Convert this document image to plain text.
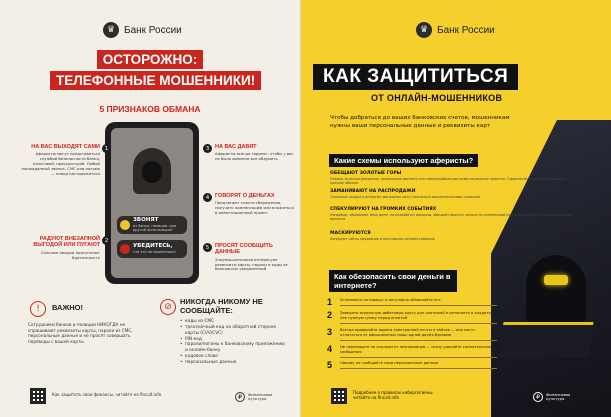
♛ Банк России
ОСТОРОЖНО:
ТЕЛЕФОННЫЕ МОШЕННИКИ!
5 ПРИЗНАКОВ ОБМАНА
ЗВОНЯТ
из банка, полиции, или другой организации?
УБЕДИТЕСЬ,
что это не мошенники!
1
НА ВАС ВЫХОДЯТ САМИ
Аферисты могут представиться службой безопасности банка, налоговой, прокуратурой. Любой неожиданный звонок, СМС или письмо — повод насторожиться
2
РАДУЮТ ВНЕЗАПНОЙ ВЫГОДОЙ ИЛИ ПУГАЮТ
Сильные эмоции притупляют бдительность
3	НА ВАС ДАВЯТ
Аферисты всегда торопят, чтобы у вас не было времени все обдумать
4	ГОВОРЯТ О ДЕНЬГАХ
Предлагают спасти сбережения, получить компенсацию или вложиться в инвестиционный проект
5	ПРОСЯТ СООБЩИТЬ ДАННЫЕ
Злоумышленников интересуют реквизиты карты, пароли и коды из банковских уведомлений
!	ВАЖНО!
Сотрудники банков и полиции НИКОГДА не спрашивают реквизиты карты, пароли из СМС, персональные данные и не просят совершать переводы с вашей карты
⊘
НИКОГДА НИКОМУ НЕ СООБЩАЙТЕ:
• коды из СМС
• трехзначный код на оборотной стороне карты (CVV/CVC)
• PIN-код
• пароли/логины к банковскому приложению и онлайн-банку
• кодовое слово
• персональные данные
Как защитить свои финансы, читайте на fincult.info	₽	Финансовая культура
♛ Банк России
КАК ЗАЩИТИТЬСЯ
ОТ ОНЛАЙН-МОШЕННИКОВ
Чтобы добраться до ваших банковских счетов, мошенникам нужны ваши персональные данные и реквизиты карт
Какие схемы используют аферисты?
ОБЕЩАЮТ ЗОЛОТЫЕ ГОРЫ
Опросы за вознаграждение, социальные выплаты или сверхприбыльные инвестиционные проекты. Гарантия быстрого обогащения — признак обмана
ЗАМАНИВАЮТ НА РАСПРОДАЖИ
Огромные скидки в интернет-магазинах могут оказаться мошенническими уловками
СПЕКУЛИРУЮТ НА ГРОМКИХ СОБЫТИЯХ
Например, объявляют сбор денег на разработку вакцины, обещают вернуть деньги за отмененный рейс или получить государственные выплаты
МАСКИРУЮТСЯ
Копируют сайты продавцов и популярных онлайн-сервисов
Как обезопасить свои деньги в интернете?
1	Установите антивирус и регулярно обновляйте его
2	Заведите отдельную дебетовую карту для платежей в интернете и кладите на нее нужную сумму перед оплатой
3	Всегда проверяйте адреса электронной почты и сайтов — они могут отличаться от официальных лишь одной-двумя буквами
4	Не переходите по ссылкам от незнакомцев — сразу удаляйте сомнительные сообщения
5	Никому не сообщайте свои персональные данные
Подробнее о правилах кибергигиены читайте на fincult.info	₽	Финансовая культура
